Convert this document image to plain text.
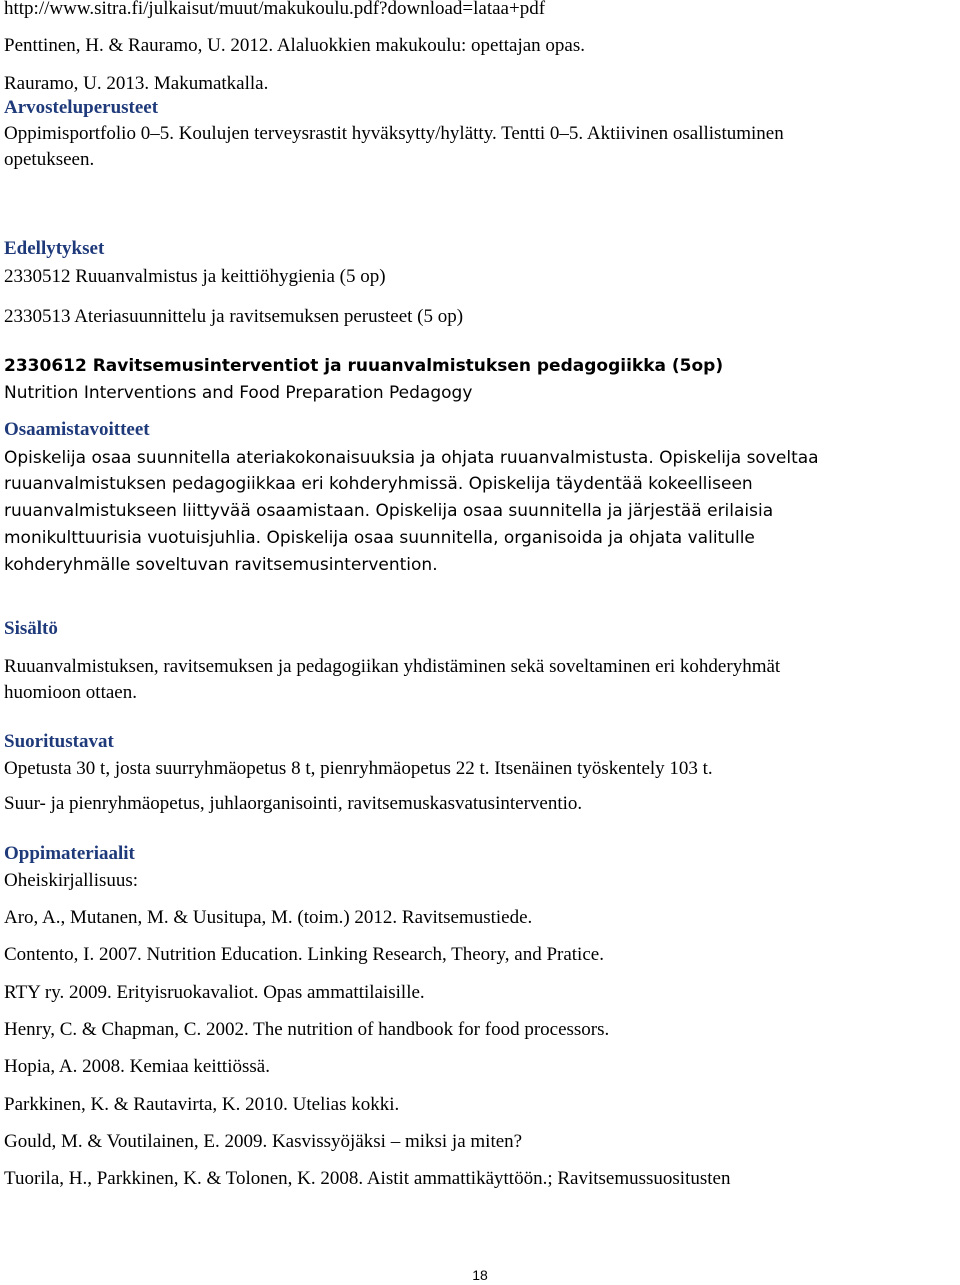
http://www.sitra.fi/julkaisut/muut/makukoulu.pdf?download=lataa+pdf
Penttinen, H. & Rauramo, U. 2012. Alaluokkien makukoulu: opettajan opas.
Rauramo, U. 2013. Makumatkalla.
Arvosteluperusteet
Oppimisportfolio 0–5. Koulujen terveysrastit hyväksytty/hylätty. Tentti 0–5. Aktiivinen osallistuminen
opetukseen.
Edellytykset
2330512 Ruuanvalmistus ja keittiöhygienia (5 op)
2330513 Ateriasuunnittelu ja ravitsemuksen perusteet (5 op)
2330612 Ravitsemusinterventiot ja ruuanvalmistuksen pedagogiikka (5op)
Nutrition Interventions and Food Preparation Pedagogy
Osaamistavoitteet
Opiskelija osaa suunnitella ateriakokonaisuuksia ja ohjata ruuanvalmistusta. Opiskelija soveltaa
ruuanvalmistuksen pedagogiikkaa eri kohderyhmissä. Opiskelija täydentää kokeelliseen
ruuanvalmistukseen liittyvää osaamistaan. Opiskelija osaa suunnitella ja järjestää erilaisia
monikulttuurisia vuotuisjuhlia. Opiskelija osaa suunnitella, organisoida ja ohjata valitulle
kohderyhmälle soveltuvan ravitsemusintervention.
Sisältö
Ruuanvalmistuksen, ravitsemuksen ja pedagogiikan yhdistäminen sekä soveltaminen eri kohderyhmät
huomioon ottaen.
Suoritustavat
Opetusta 30 t, josta suurryhmäopetus 8 t, pienryhmäopetus 22 t. Itsenäinen työskentely 103 t.
Suur- ja pienryhmäopetus, juhlaorganisointi, ravitsemuskasvatusinterventio.
Oppimateriaalit
Oheiskirjallisuus:
Aro, A., Mutanen, M. & Uusitupa, M. (toim.) 2012. Ravitsemustiede.
Contento, I. 2007. Nutrition Education. Linking Research, Theory, and Pratice.
RTY ry. 2009. Erityisruokavaliot. Opas ammattilaisille.
Henry, C. & Chapman, C. 2002. The nutrition of handbook for food processors.
Hopia, A. 2008. Kemiaa keittiössä.
Parkkinen, K. & Rautavirta, K. 2010. Utelias kokki.
Gould, M. & Voutilainen, E. 2009. Kasvissyöjäksi – miksi ja miten?
Tuorila, H., Parkkinen, K. & Tolonen, K. 2008. Aistit ammattikäyttöön.; Ravitsemussuositusten
18
